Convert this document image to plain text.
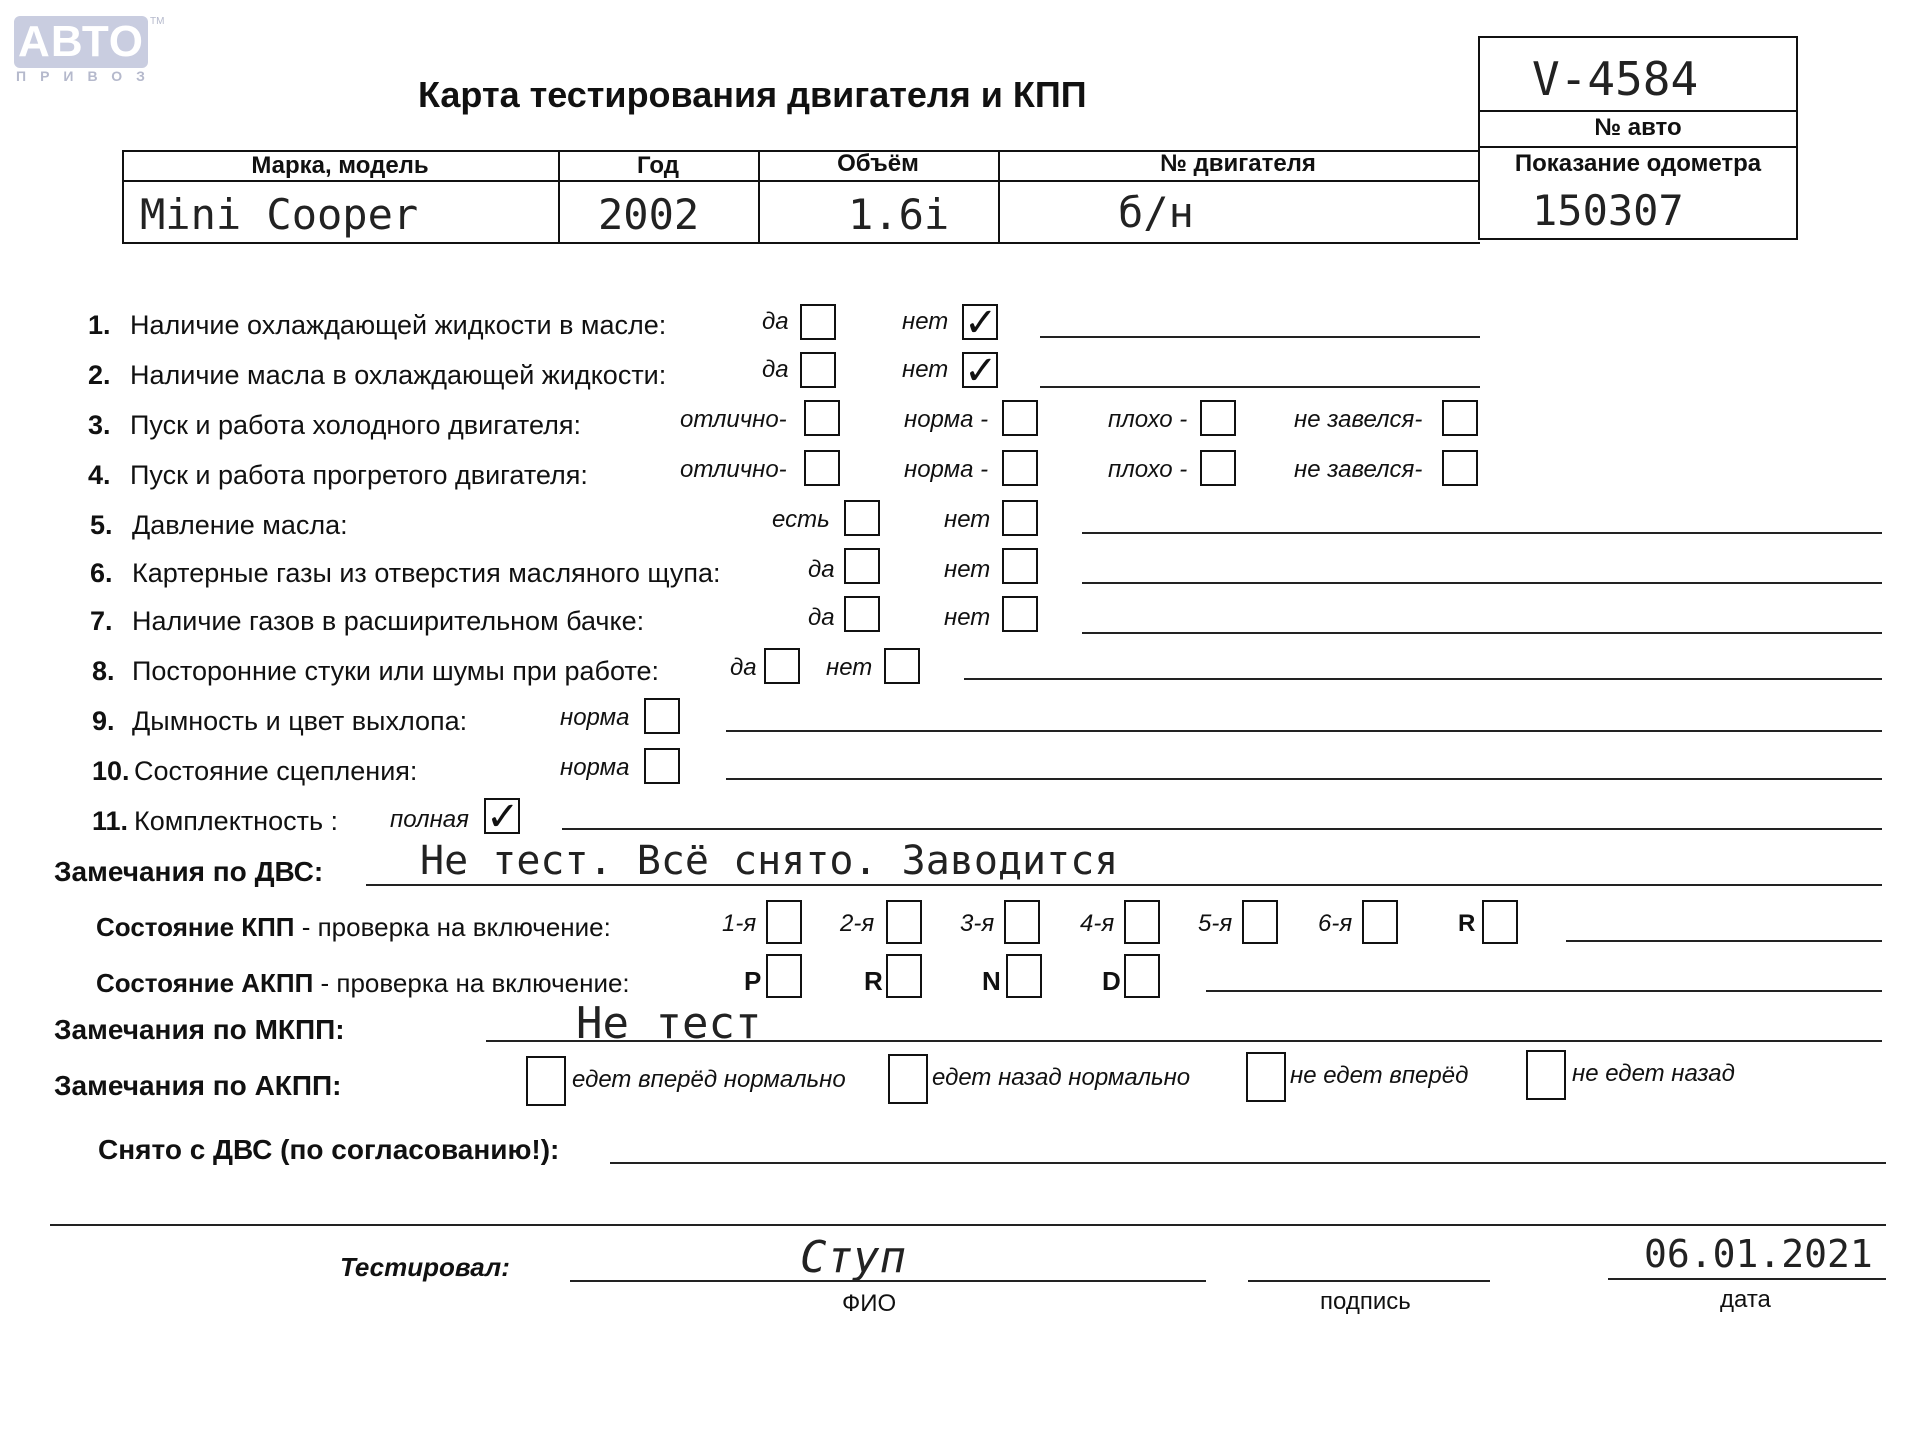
АВТО
ПРИВОЗ
TM
Карта тестирования двигателя и КПП	V-4584
№ авто
Марка, модель	Год	Объём	№ двигателя	Показание одометра
Mini Cooper	2002	1.6i	б/н	150307
1. Наличие охлаждающей жидкости в масле:	да	нет ✓
2. Наличие масла в охлаждающей жидкости:	да	нет ✓
3. Пуск и работа холодного двигателя:	отлично-	норма -	плохо -	не завелся-
4. Пуск и работа прогретого двигателя:	отлично-	норма -	плохо -	не завелся-
5. Давление масла:	есть	нет
6. Картерные газы из отверстия масляного щупа:	да	нет
7. Наличие газов в расширительном бачке:	да	нет
8. Посторонние стуки или шумы при работе:	да	нет
9. Дымность и цвет выхлопа:	норма
10. Состояние сцепления:	норма
11. Комплектность : полная ✓
Замечания по ДВС: Не тест. Всё снято. Заводится
Состояние КПП - проверка на включение:	1-я	2-я	3-я	4-я	5-я	6-я	R
Состояние АКПП - проверка на включение:	P	R	N	D
Замечания по МКПП:	Не тест
Замечания по АКПП:	едет вперёд нормально	едет назад нормально	не едет вперёд	не едет назад
Снято с ДВС (по согласованию!):
Тестировал:	Ступ
ФИО	подпись
06.01.2021
дата
